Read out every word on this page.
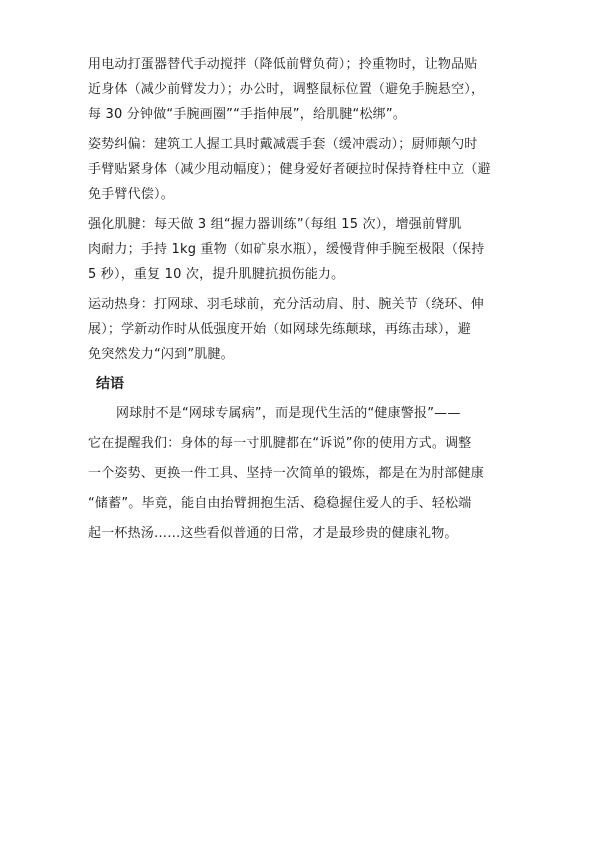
用电动打蛋器替代手动搅拌（降低前臂负荷）；拎重物时，让物品贴
近身体（减少前臂发力）；办公时，调整鼠标位置（避免手腕悬空），
每 30 分钟做“手腕画圈”“手指伸展”，给肌腱“松绑”。
姿势纠偏：建筑工人握工具时戴减震手套（缓冲震动）；厨师颠勺时
手臂贴紧身体（减少甩动幅度）；健身爱好者硬拉时保持脊柱中立（避
免手臂代偿）。
强化肌腱：每天做 3 组“握力器训练”（每组 15 次），增强前臂肌
肉耐力；手持 1kg 重物（如矿泉水瓶），缓慢背伸手腕至极限（保持
5 秒），重复 10 次，提升肌腱抗损伤能力。
运动热身：打网球、羽毛球前，充分活动肩、肘、腕关节（绕环、伸
展）；学新动作时从低强度开始（如网球先练颠球，再练击球），避
免突然发力“闪到”肌腱。
结语
网球肘不是“网球专属病”，而是现代生活的“健康警报”——
它在提醒我们：身体的每一寸肌腱都在“诉说”你的使用方式。调整
一个姿势、更换一件工具、坚持一次简单的锻炼，都是在为肘部健康
“储蓄”。毕竟，能自由抬臂拥抱生活、稳稳握住爱人的手、轻松端
起一杯热汤……这些看似普通的日常，才是最珍贵的健康礼物。
